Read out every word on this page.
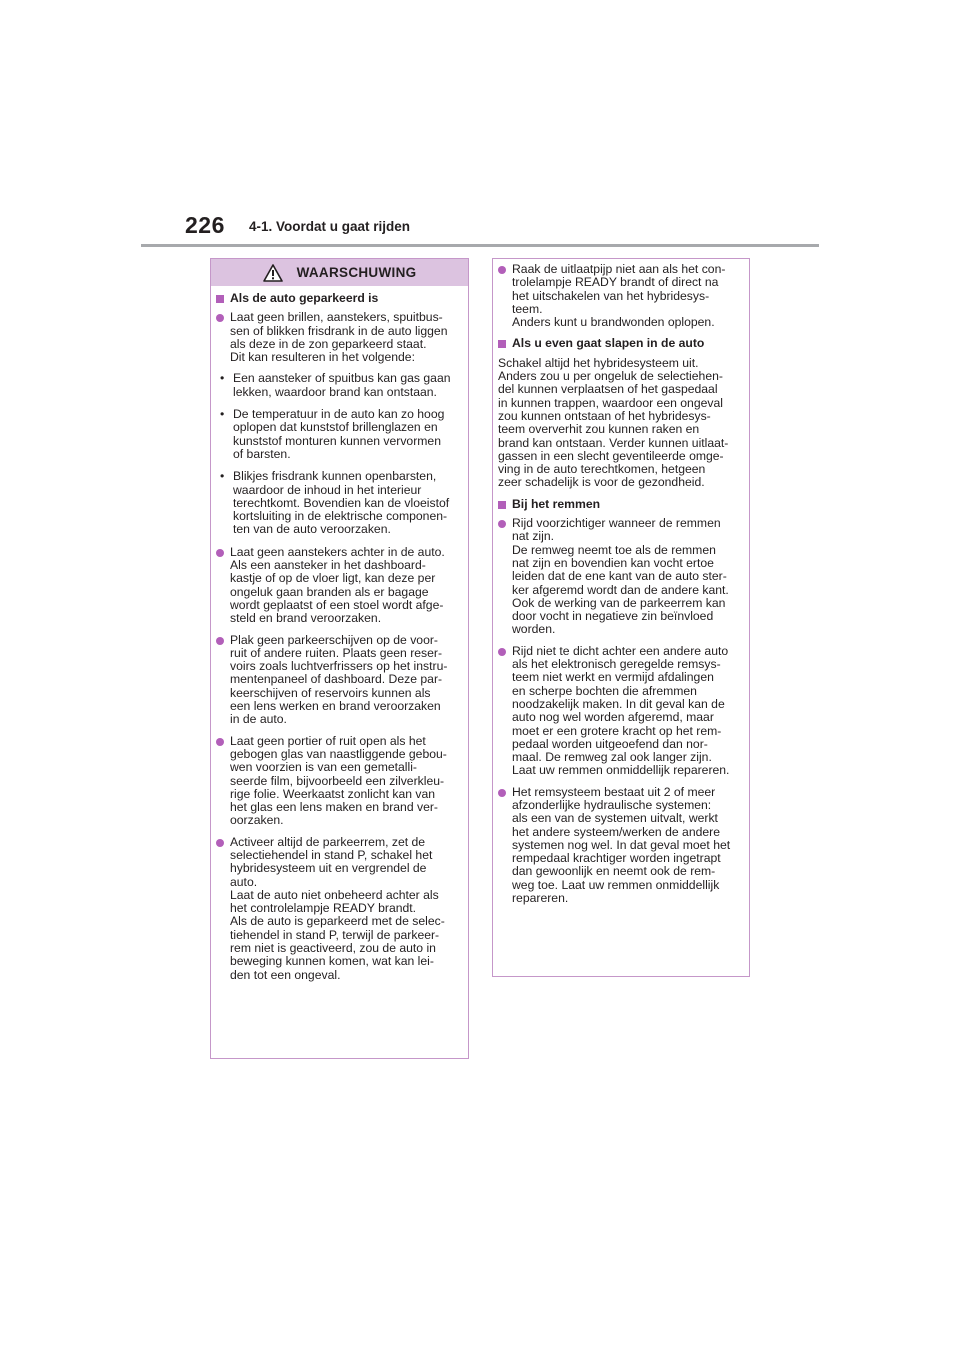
226 4-1. Voordat u gaat rijden
WAARSCHUWING
Als de auto geparkeerd is
Laat geen brillen, aanstekers, spuitbus-
sen of blikken frisdrank in de auto liggen
als deze in de zon geparkeerd staat.
Dit kan resulteren in het volgende:
• Een aansteker of spuitbus kan gas gaan
lekken, waardoor brand kan ontstaan.
• De temperatuur in de auto kan zo hoog
oplopen dat kunststof brillenglazen en
kunststof monturen kunnen vervormen
of barsten.
• Blikjes frisdrank kunnen openbarsten,
waardoor de inhoud in het interieur
terechtkomt. Bovendien kan de vloeistof
kortsluiting in de elektrische componen-
ten van de auto veroorzaken.
Laat geen aanstekers achter in de auto.
Als een aansteker in het dashboard-
kastje of op de vloer ligt, kan deze per
ongeluk gaan branden als er bagage
wordt geplaatst of een stoel wordt afge-
steld en brand veroorzaken.
Plak geen parkeerschijven op de voor-
ruit of andere ruiten. Plaats geen reser-
voirs zoals luchtverfrissers op het instru-
mentenpaneel of dashboard. Deze par-
keerschijven of reservoirs kunnen als
een lens werken en brand veroorzaken
in de auto.
Laat geen portier of ruit open als het
gebogen glas van naastliggende gebou-
wen voorzien is van een gemetalli-
seerde film, bijvoorbeeld een zilverkleu-
rige folie. Weerkaatst zonlicht kan van
het glas een lens maken en brand ver-
oorzaken.
Activeer altijd de parkeerrem, zet de
selectiehendel in stand P, schakel het
hybridesysteem uit en vergrendel de
auto.
Laat de auto niet onbeheerd achter als
het controlelampje READY brandt.
Als de auto is geparkeerd met de selec-
tiehendel in stand P, terwijl de parkeer-
rem niet is geactiveerd, zou de auto in
beweging kunnen komen, wat kan lei-
den tot een ongeval.
Raak de uitlaatpijp niet aan als het con-
trolelampje READY brandt of direct na
het uitschakelen van het hybridesys-
teem.
Anders kunt u brandwonden oplopen.
Als u even gaat slapen in de auto
Schakel altijd het hybridesysteem uit.
Anders zou u per ongeluk de selectiehen-
del kunnen verplaatsen of het gaspedaal
in kunnen trappen, waardoor een ongeval
zou kunnen ontstaan of het hybridesys-
teem oververhit zou kunnen raken en
brand kan ontstaan. Verder kunnen uitlaat-
gassen in een slecht geventileerde omge-
ving in de auto terechtkomen, hetgeen
zeer schadelijk is voor de gezondheid.
Bij het remmen
Rijd voorzichtiger wanneer de remmen
nat zijn.
De remweg neemt toe als de remmen
nat zijn en bovendien kan vocht ertoe
leiden dat de ene kant van de auto ster-
ker afgeremd wordt dan de andere kant.
Ook de werking van de parkeerrem kan
door vocht in negatieve zin beïnvloed
worden.
Rijd niet te dicht achter een andere auto
als het elektronisch geregelde remsys-
teem niet werkt en vermijd afdalingen
en scherpe bochten die afremmen
noodzakelijk maken. In dit geval kan de
auto nog wel worden afgeremd, maar
moet er een grotere kracht op het rem-
pedaal worden uitgeoefend dan nor-
maal. De remweg zal ook langer zijn.
Laat uw remmen onmiddellijk repareren.
Het remsysteem bestaat uit 2 of meer
afzonderlijke hydraulische systemen:
als een van de systemen uitvalt, werkt
het andere systeem/werken de andere
systemen nog wel. In dat geval moet het
rempedaal krachtiger worden ingetrapt
dan gewoonlijk en neemt ook de rem-
weg toe. Laat uw remmen onmiddellijk
repareren.
